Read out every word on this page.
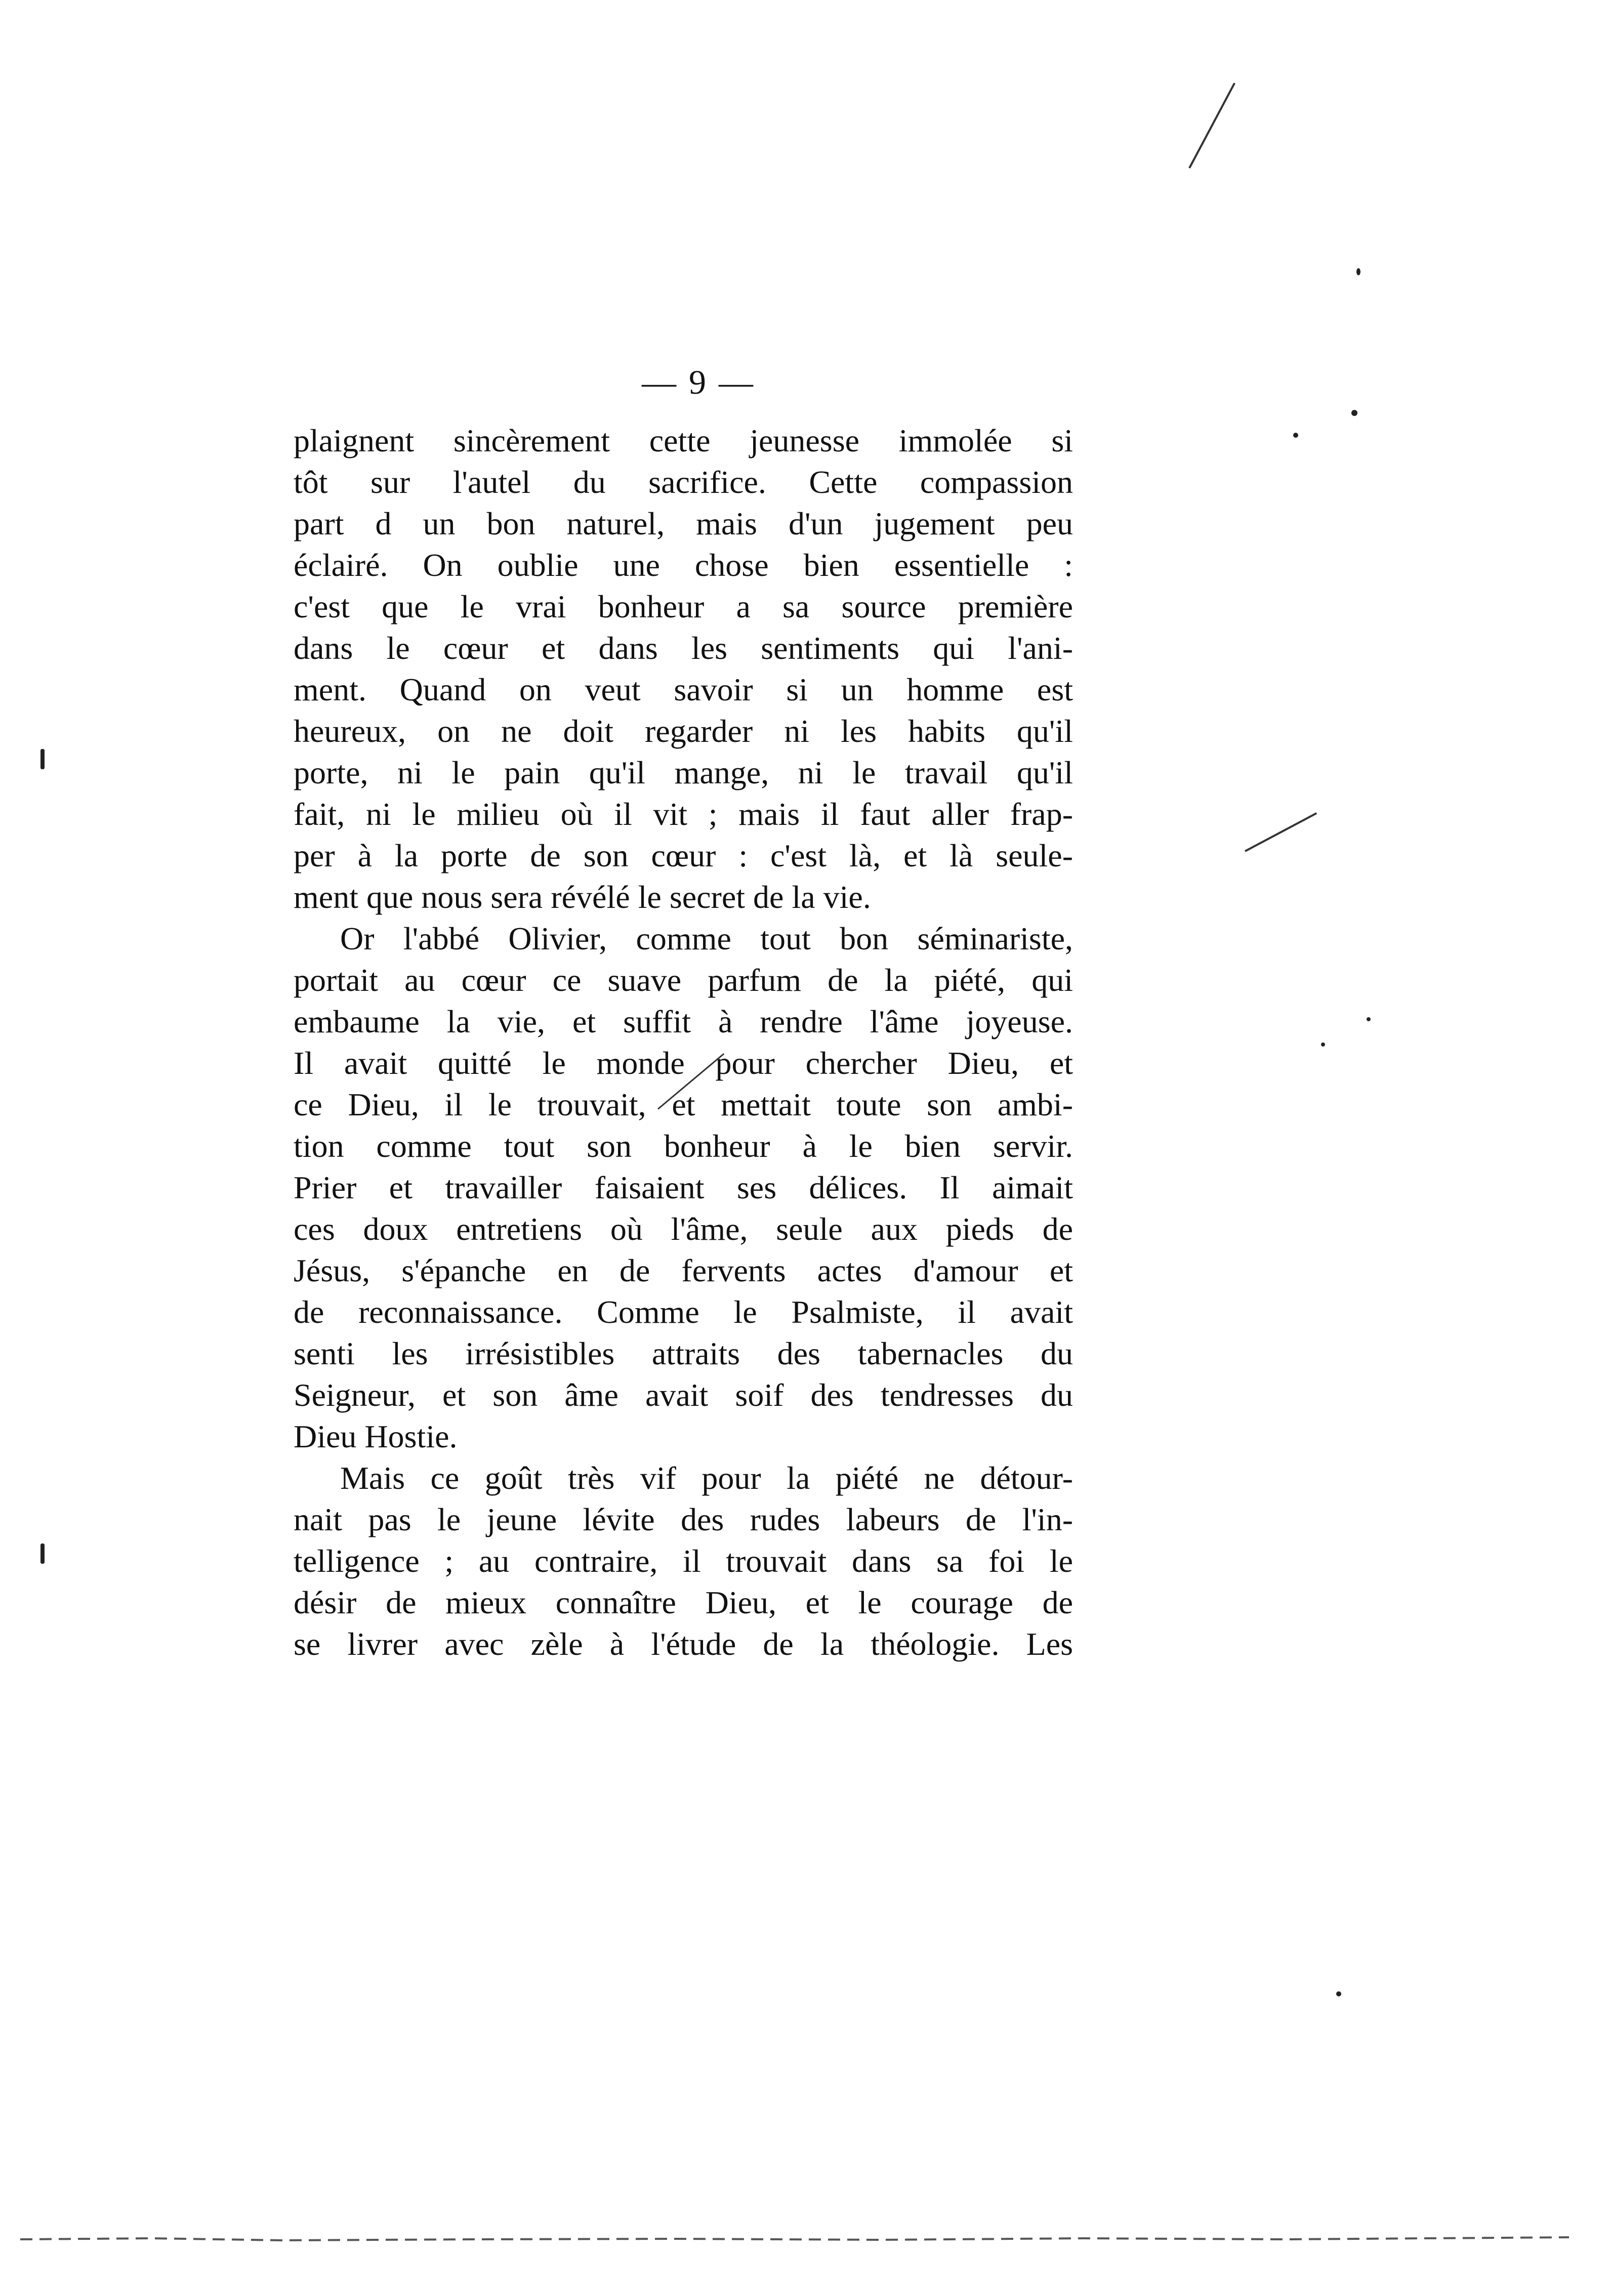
— 9 —
plaignent sincèrement cette jeunesse immolée si
tôt sur l'autel du sacrifice. Cette compassion
part d un bon naturel, mais d'un jugement peu
éclairé. On oublie une chose bien essentielle :
c'est que le vrai bonheur a sa source première
dans le cœur et dans les sentiments qui l'ani-
ment. Quand on veut savoir si un homme est
heureux, on ne doit regarder ni les habits qu'il
porte, ni le pain qu'il mange, ni le travail qu'il
fait, ni le milieu où il vit ; mais il faut aller frap-
per à la porte de son cœur : c'est là, et là seule-
ment que nous sera révélé le secret de la vie.
Or l'abbé Olivier, comme tout bon séminariste,
portait au cœur ce suave parfum de la piété, qui
embaume la vie, et suffit à rendre l'âme joyeuse.
Il avait quitté le monde pour chercher Dieu, et
ce Dieu, il le trouvait, et mettait toute son ambi-
tion comme tout son bonheur à le bien servir.
Prier et travailler faisaient ses délices. Il aimait
ces doux entretiens où l'âme, seule aux pieds de
Jésus, s'épanche en de fervents actes d'amour et
de reconnaissance. Comme le Psalmiste, il avait
senti les irrésistibles attraits des tabernacles du
Seigneur, et son âme avait soif des tendresses du
Dieu Hostie.
Mais ce goût très vif pour la piété ne détour-
nait pas le jeune lévite des rudes labeurs de l'in-
telligence ; au contraire, il trouvait dans sa foi le
désir de mieux connaître Dieu, et le courage de
se livrer avec zèle à l'étude de la théologie. Les
